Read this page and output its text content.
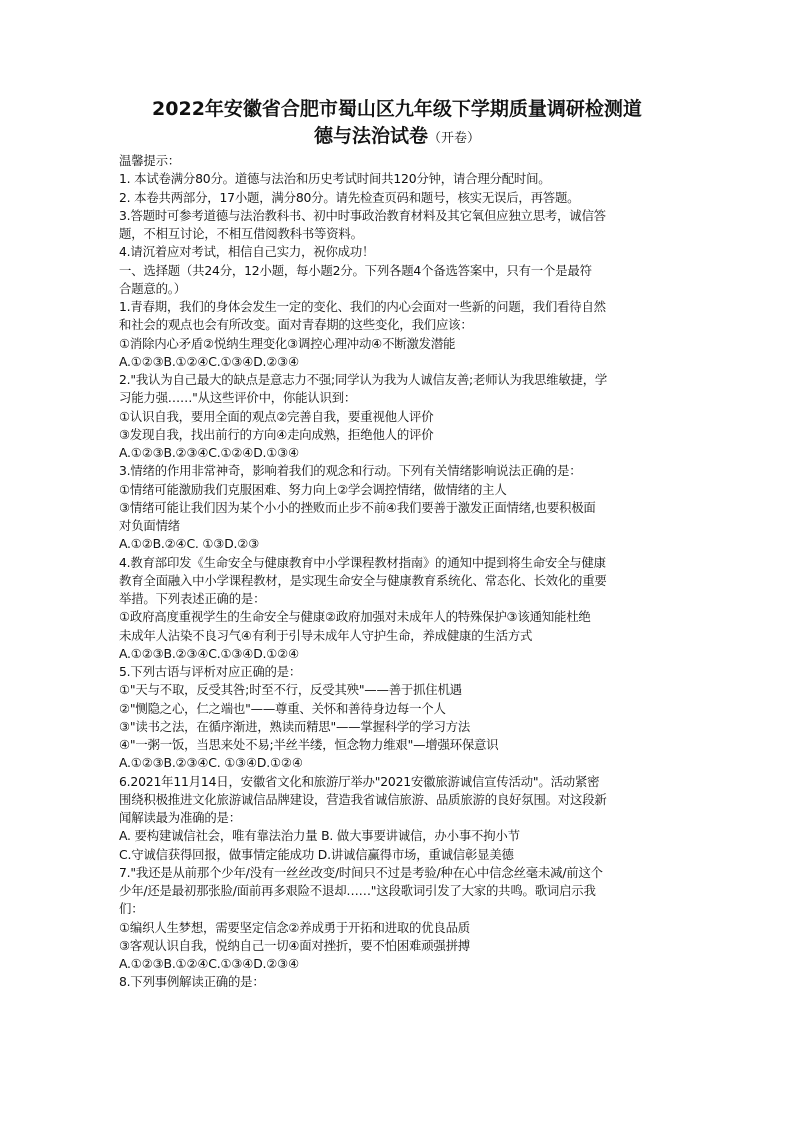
2022年安徽省合肥市蜀山区九年级下学期质量调研检测道
德与法治试卷（开卷）

温馨提示：

1. 本试卷满分80分。道德与法治和历史考试时间共120分钟，请合理分配时间。

2. 本卷共两部分，17小题，满分80分。请先检查页码和题号，核实无误后，再答题。

3.答题时可参考道德与法治教科书、初中时事政治教育材料及其它氧但应独立思考，诚信答

题，不相互讨论，不相互借阅教科书等资料。

4.请沉着应对考试，相信自己实力，祝你成功！

一、选择题（共24分，12小题，每小题2分。下列各题4个备选答案中，只有一个是最符

合题意的。）

1.青春期，我们的身体会发生一定的变化、我们的内心会面对一些新的问题，我们看待自然

和社会的观点也会有所改变。面对青春期的这些变化，我们应该：

①消除内心矛盾②悦纳生理变化③调控心理冲动④不断激发潜能

A.①②③B.①②④C.①③④D.②③④

2."我认为自己最大的缺点是意志力不强;同学认为我为人诚信友善;老师认为我思维敏捷，学

习能力强……"从这些评价中，你能认识到：

①认识自我，要用全面的观点②完善自我，要重视他人评价

③发现自我，找出前行的方向④走向成熟，拒绝他人的评价

A.①②③B.②③④C.①②④D.①③④

3.情绪的作用非常神奇，影响着我们的观念和行动。下列有关情绪影响说法正确的是：

①情绪可能激励我们克服困难、努力向上②学会调控情绪，做情绪的主人

③情绪可能让我们因为某个小小的挫败而止步不前④我们要善于激发正面情绪,也要积极面

对负面情绪

A.①②B.②④C. ①③D.②③

4.教育部印发《生命安全与健康教育中小学课程教材指南》的通知中提到将生命安全与健康

教育全面融入中小学课程教材，是实现生命安全与健康教育系统化、常态化、长效化的重要

举措。下列表述正确的是：

①政府高度重视学生的生命安全与健康②政府加强对未成年人的特殊保护③该通知能杜绝

未成年人沾染不良习气④有利于引导未成年人守护生命，养成健康的生活方式

A.①②③B.②③④C.①③④D.①②④

5.下列古语与评析对应正确的是：

①"天与不取，反受其咎;时至不行，反受其殃"——善于抓住机遇

②"恻隐之心，仁之端也"——尊重、关怀和善待身边每一个人

③"读书之法，在循序渐进，熟读而精思"——掌握科学的学习方法

④"一粥一饭，当思来处不易;半丝半缕，恒念物力维艰"—增强环保意识

A.①②③B.②③④C. ①③④D.①②④

6.2021年11月14日，安徽省文化和旅游厅举办"2021安徽旅游诚信宣传活动"。活动紧密

围绕积极推进文化旅游诚信品牌建设，营造我省诚信旅游、品质旅游的良好氛围。对这段新

闻解读最为准确的是：

A. 要构建诚信社会，唯有靠法治力量 B. 做大事要讲诚信，办小事不拘小节

C.守诚信获得回报，做事情定能成功 D.讲诚信赢得市场，重诚信彰显美德

7."我还是从前那个少年/没有一丝丝改变/时间只不过是考验/种在心中信念丝毫未减/前这个

少年/还是最初那张脸/面前再多艰险不退却……"这段歌词引发了大家的共鸣。歌词启示我

们：

①编织人生梦想，需要坚定信念②养成勇于开拓和进取的优良品质

③客观认识自我，悦纳自己一切④面对挫折，要不怕困难顽强拼搏

A.①②③B.①②④C.①③④D.②③④

8.下列事例解读正确的是：
